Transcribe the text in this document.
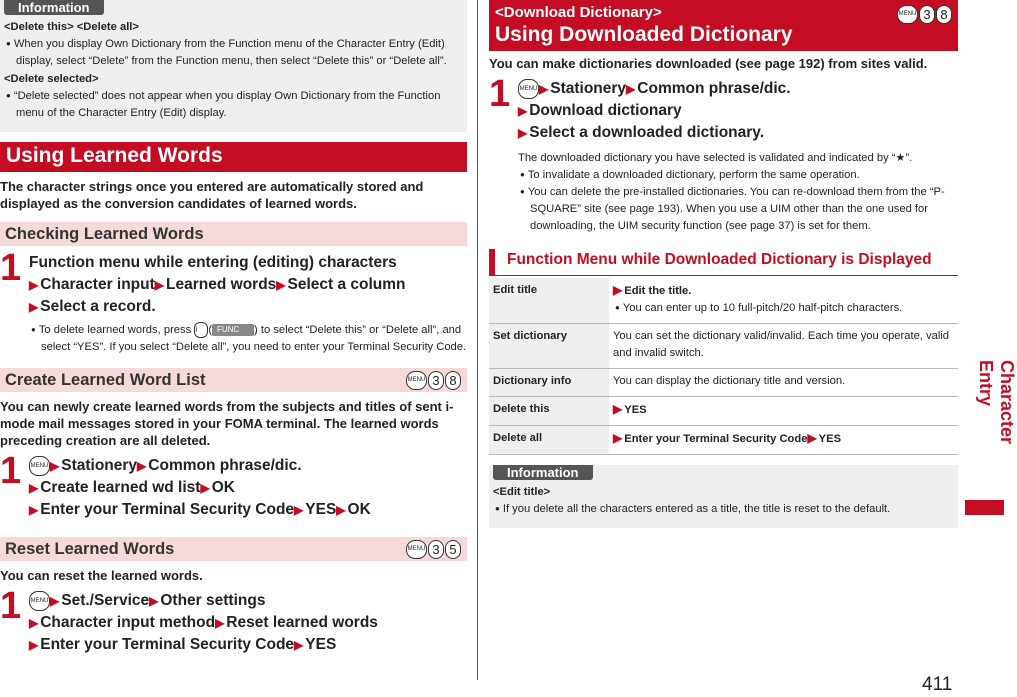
Information
<Delete this> <Delete all>
● When you display Own Dictionary from the Function menu of the Character Entry (Edit) display, select “Delete” from the Function menu, then select “Delete this” or “Delete all”.
<Delete selected>
● “Delete selected” does not appear when you display Own Dictionary from the Function menu of the Character Entry (Edit) display.
Using Learned Words
The character strings once you entered are automatically stored and displayed as the conversion candidates of learned words.
Checking Learned Words
1 Function menu while entering (editing) characters
▶ Character input▶ Learned words▶ Select a column
▶ Select a record.
● To delete learned words, press i ( FUNC ) to select “Delete this” or “Delete all”, and select “YES”. If you select “Delete all”, you need to enter your Terminal Security Code.
Create Learned Word List	MENU 3 8
You can newly create learned words from the subjects and titles of sent i-mode mail messages stored in your FOMA terminal. The learned words preceding creation are all deleted.
1 MENU ▶ Stationery▶ Common phrase/dic.
▶ Create learned wd list▶ OK
▶ Enter your Terminal Security Code▶ YES▶ OK
Reset Learned Words	MENU 3 5
You can reset the learned words.
1 MENU ▶ Set./Service▶ Other settings
▶ Character input method▶ Reset learned words
▶ Enter your Terminal Security Code▶ YES
<Download Dictionary>
Using Downloaded Dictionary
MENU 3 8
You can make dictionaries downloaded (see page 192) from sites valid.
1 MENU ▶ Stationery▶ Common phrase/dic.
▶ Download dictionary
▶ Select a downloaded dictionary.
The downloaded dictionary you have selected is validated and indicated by “★”.
● To invalidate a downloaded dictionary, perform the same operation.
● You can delete the pre-installed dictionaries. You can re-download them from the “P-SQUARE” site (see page 193). When you use a UIM other than the one used for downloading, the UIM security function (see page 37) is set for them.
Function Menu while Downloaded Dictionary is Displayed
Edit title	▶ Edit the title.
● You can enter up to 10 full-pitch/20 half-pitch characters.

Set dictionary	You can set the dictionary valid/invalid. Each time you operate, valid and invalid switch.
Dictionary info	You can display the dictionary title and version.
Delete this	▶ YES
Delete all	▶ Enter your Terminal Security Code▶ YES
Information
<Edit title>
● If you delete all the characters entered as a title, the title is reset to the default.
Character Entry
411
